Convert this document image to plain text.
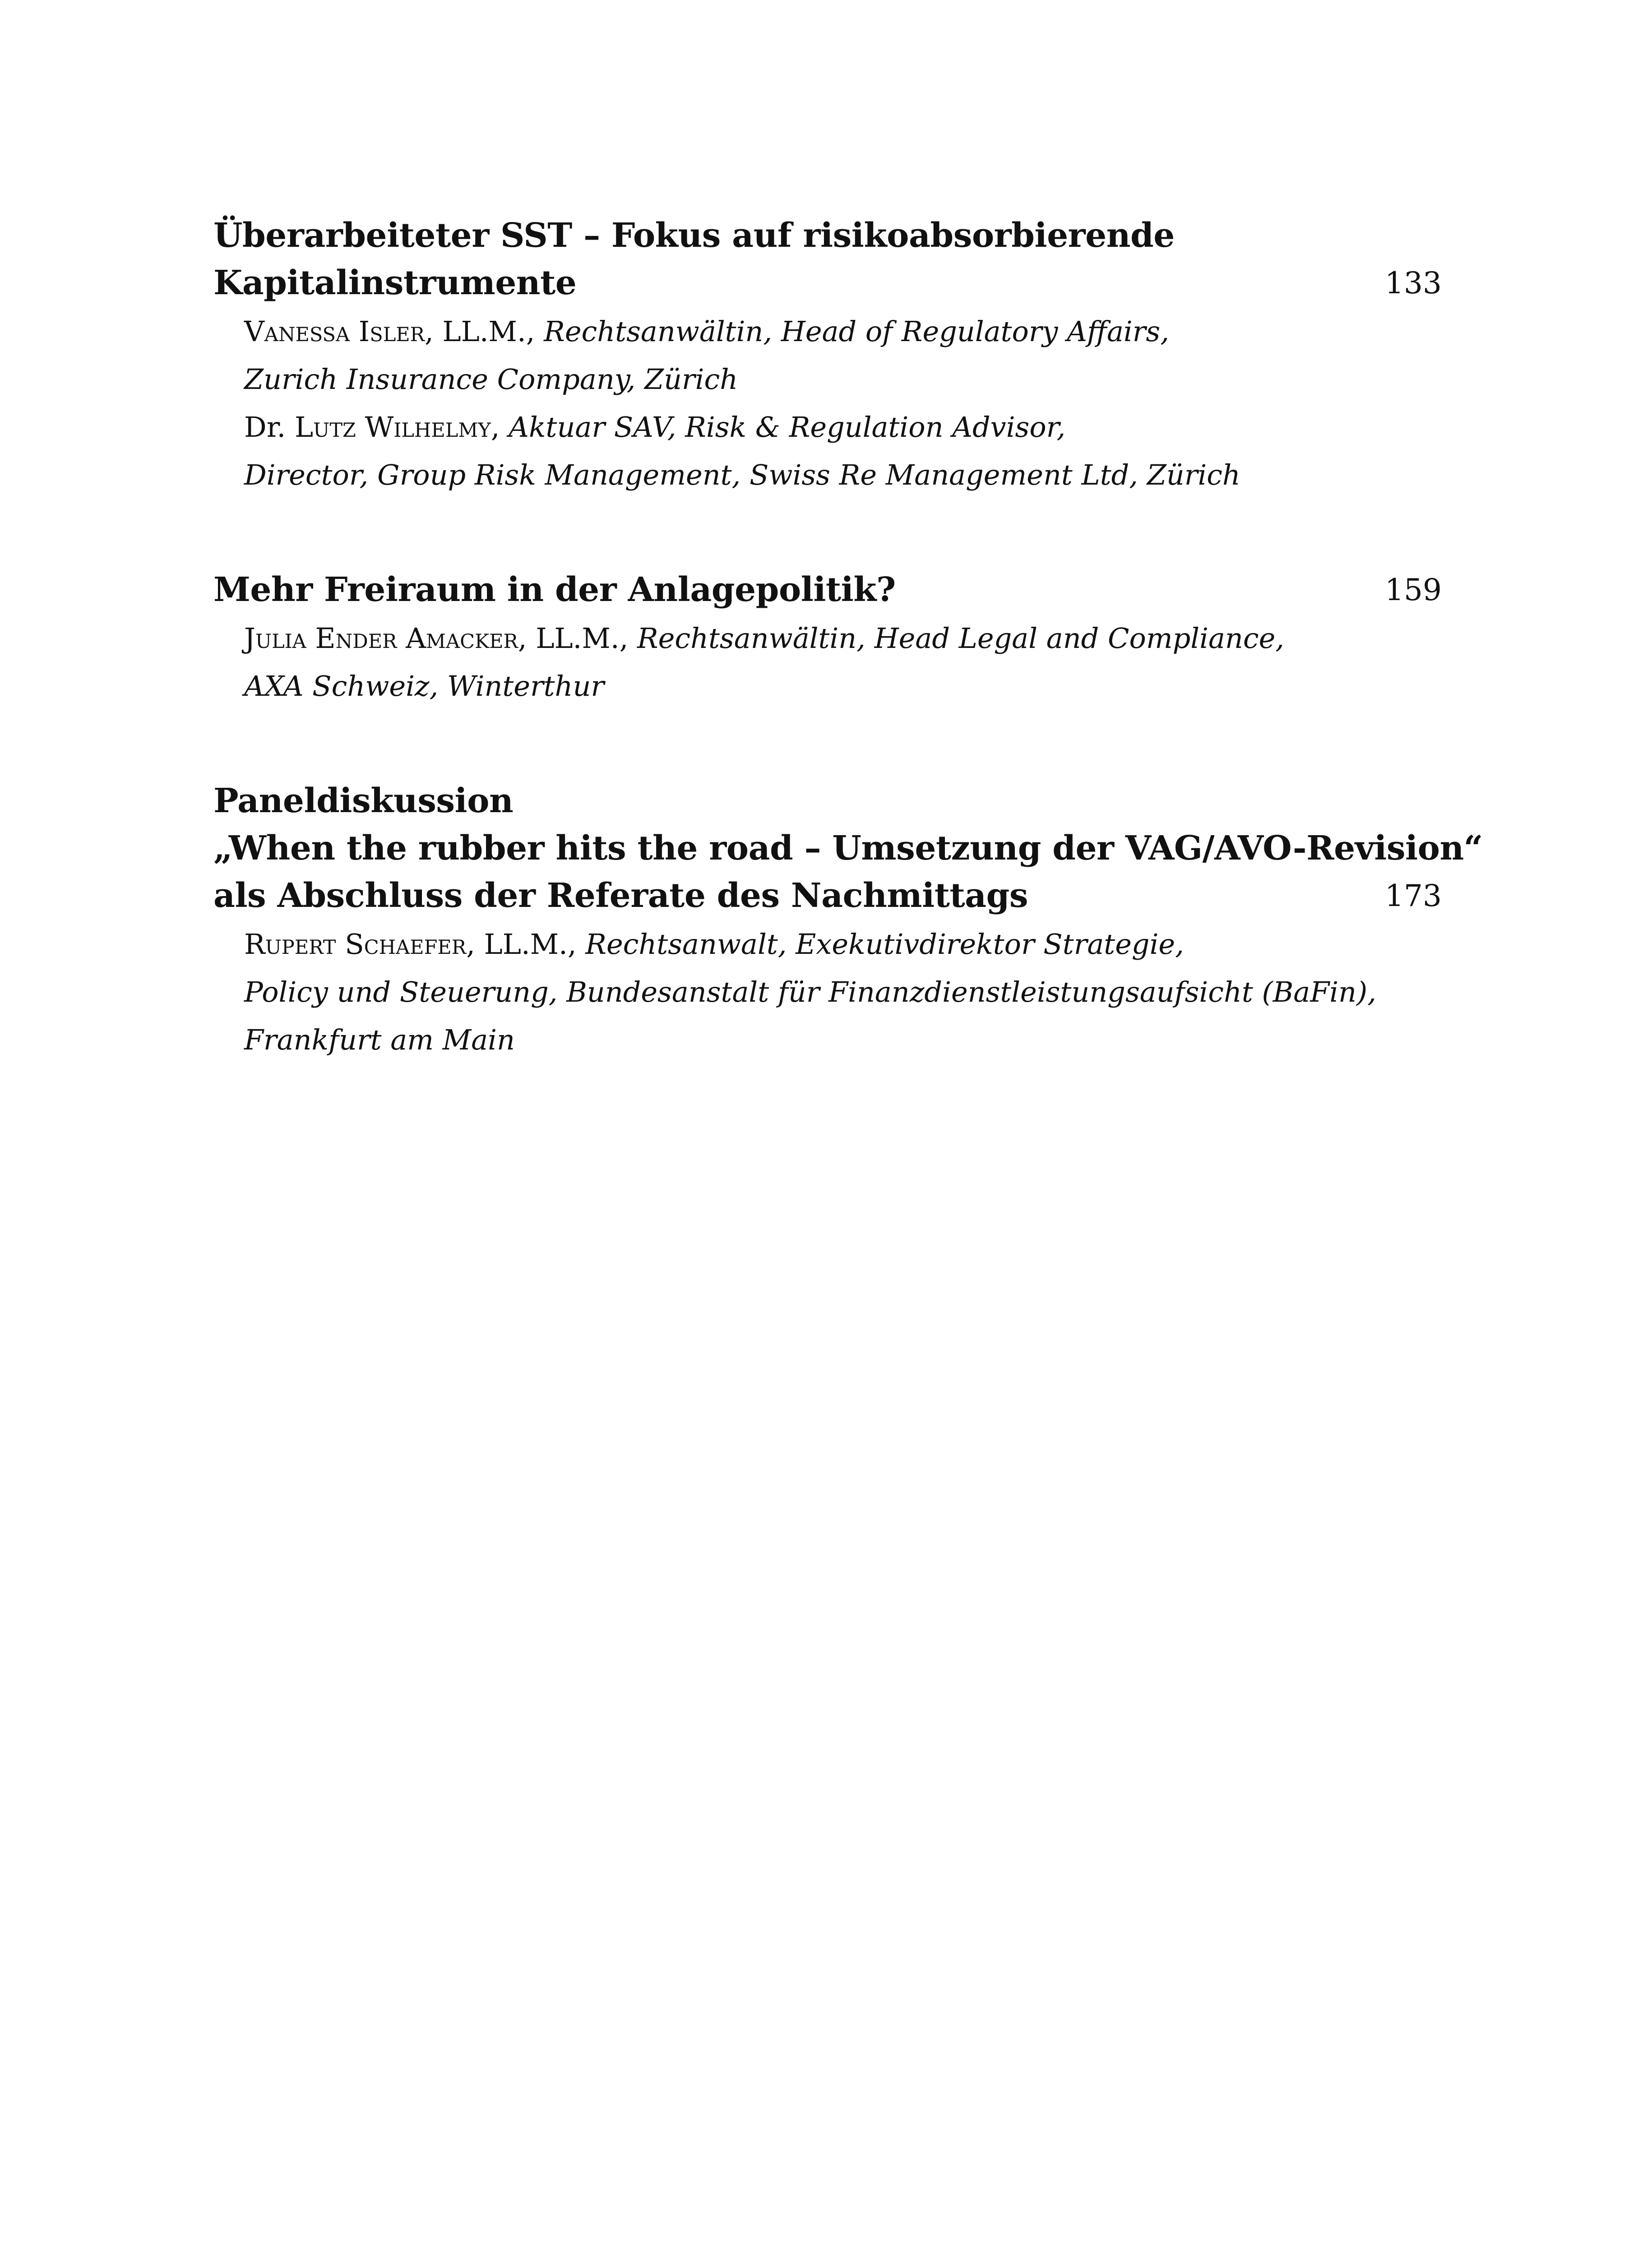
Überarbeiteter SST – Fokus auf risikoabsorbierende
Kapitalinstrumente	133
Vanessa Isler, LL.M., Rechtsanwältin, Head of Regulatory Affairs,
Zurich Insurance Company, Zürich
Dr. Lutz Wilhelmy, Aktuar SAV, Risk & Regulation Advisor,
Director, Group Risk Management, Swiss Re Management Ltd, Zürich
Mehr Freiraum in der Anlagepolitik?	159
Julia Ender Amacker, LL.M., Rechtsanwältin, Head Legal and Compliance,
AXA Schweiz, Winterthur
Paneldiskussion
„When the rubber hits the road – Umsetzung der VAG/AVO-Revision“
als Abschluss der Referate des Nachmittags	173
Rupert Schaefer, LL.M., Rechtsanwalt, Exekutivdirektor Strategie,
Policy und Steuerung, Bundesanstalt für Finanzdienstleistungsaufsicht (BaFin),
Frankfurt am Main
